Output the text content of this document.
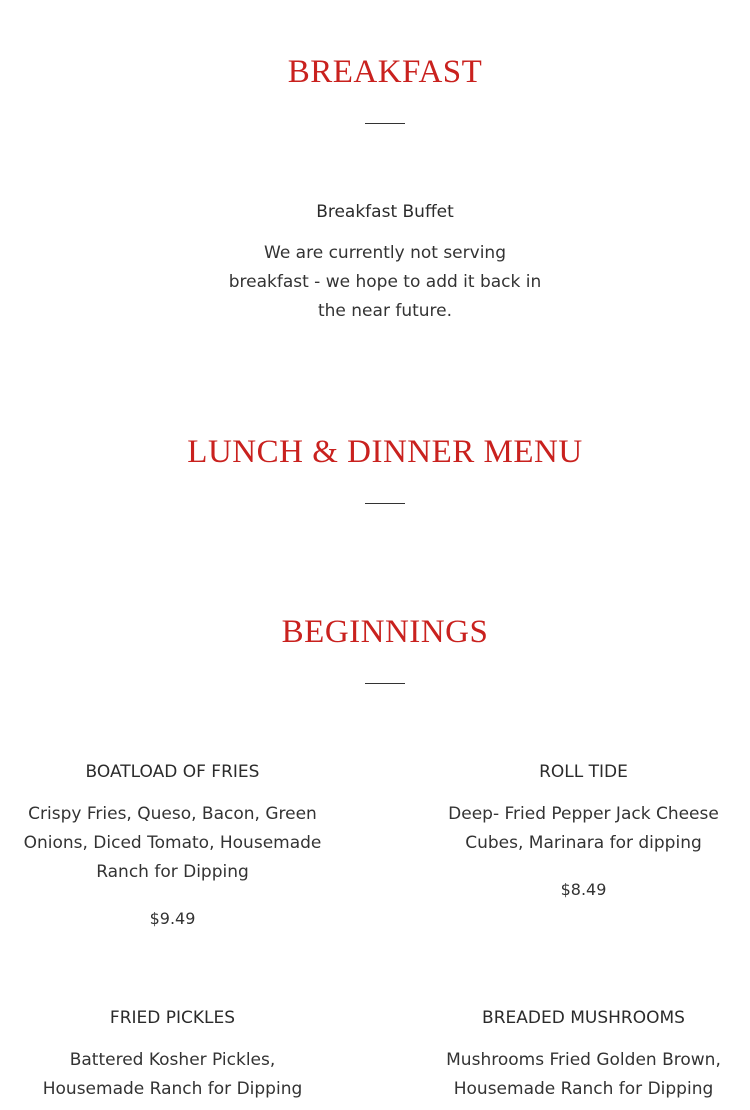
BREAKFAST
Breakfast Buffet

We are currently not serving breakfast - we hope to add it back in the near future.

LUNCH & DINNER MENU
BEGINNINGS
BOATLOAD OF FRIES

Crispy Fries, Queso, Bacon, Green Onions, Diced Tomato, Housemade Ranch for Dipping

$9.49

ROLL TIDE

Deep- Fried Pepper Jack Cheese Cubes, Marinara for dipping

$8.49

FRIED PICKLES

Battered Kosher Pickles, Housemade Ranch for Dipping

BREADED MUSHROOMS

Mushrooms Fried Golden Brown, Housemade Ranch for Dipping
